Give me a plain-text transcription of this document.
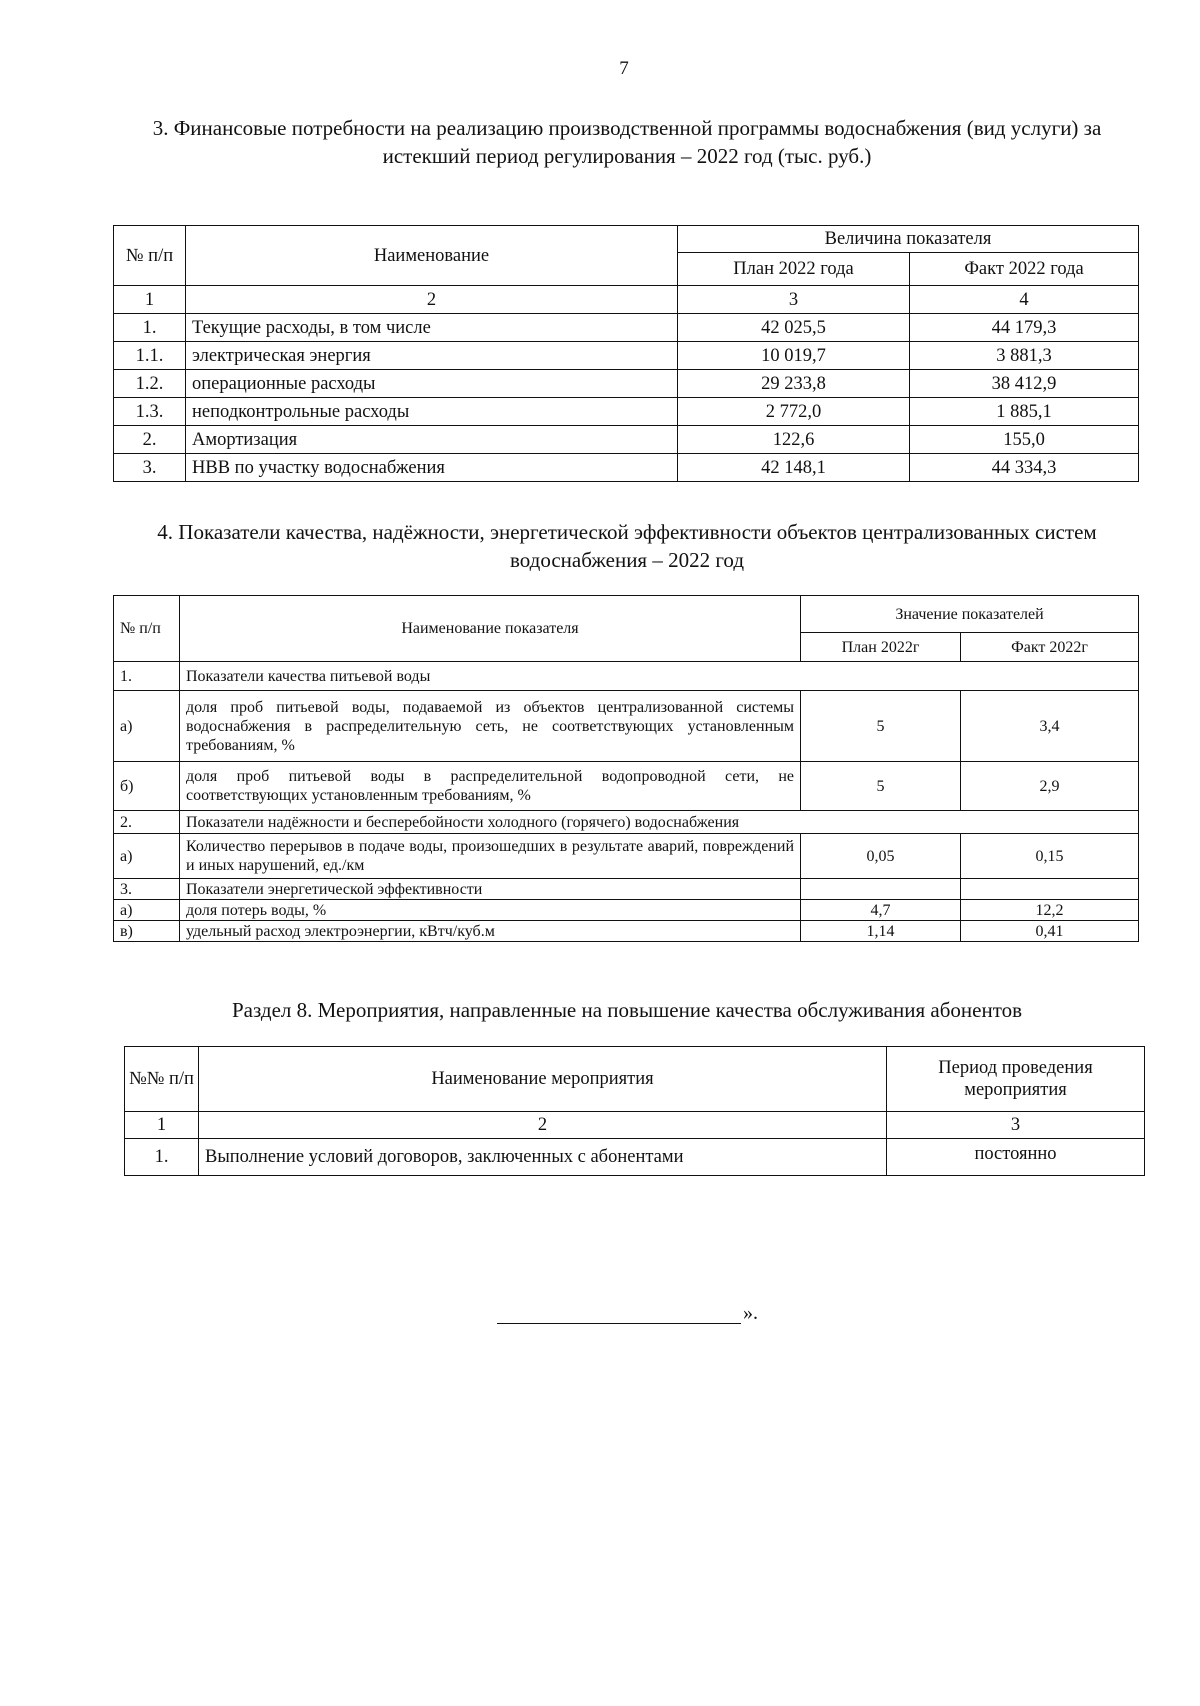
7
3. Финансовые потребности на реализацию производственной программы водоснабжения (вид услуги) за
истекший период регулирования – 2022 год (тыс. руб.)
№ п/п	Наименование	Величина показателя	
		План 2022 года	Факт 2022 года
1	2	3	4
1.	Текущие расходы, в том числе	42 025,5	44 179,3
1.1.	электрическая энергия	10 019,7	3 881,3
1.2.	операционные расходы	29 233,8	38 412,9
1.3.	неподконтрольные расходы	2 772,0	1 885,1
2.	Амортизация	122,6	155,0
3.	НВВ по участку водоснабжения	42 148,1	44 334,3
4. Показатели качества, надёжности, энергетической эффективности объектов централизованных систем
водоснабжения – 2022 год
№ п/п	Наименование показателя	Значение показателей	
		План 2022г	Факт 2022г
1.	Показатели качества питьевой воды		
а)	доля проб питьевой воды, подаваемой из объектов централизованной системы водоснабжения в распределительную сеть, не соответствующих установленным требованиям, %	5	3,4
б)	доля проб питьевой воды в распределительной водопроводной сети, не соответствующих установленным требованиям, %	5	2,9
2.	Показатели надёжности и бесперебойности холодного (горячего) водоснабжения		
а)	Количество перерывов в подаче воды, произошедших в результате аварий, повреждений и иных нарушений, ед./км	0,05	0,15
3.	Показатели энергетической эффективности		
а)	доля потерь воды, %	4,7	12,2
в)	удельный расход электроэнергии, кВтч/куб.м	1,14	0,41
Раздел 8. Мероприятия, направленные на повышение качества обслуживания абонентов
№№ п/п	Наименование мероприятия	Период проведения мероприятия
1	2	3
1.	Выполнение условий договоров, заключенных с абонентами	постоянно
».
